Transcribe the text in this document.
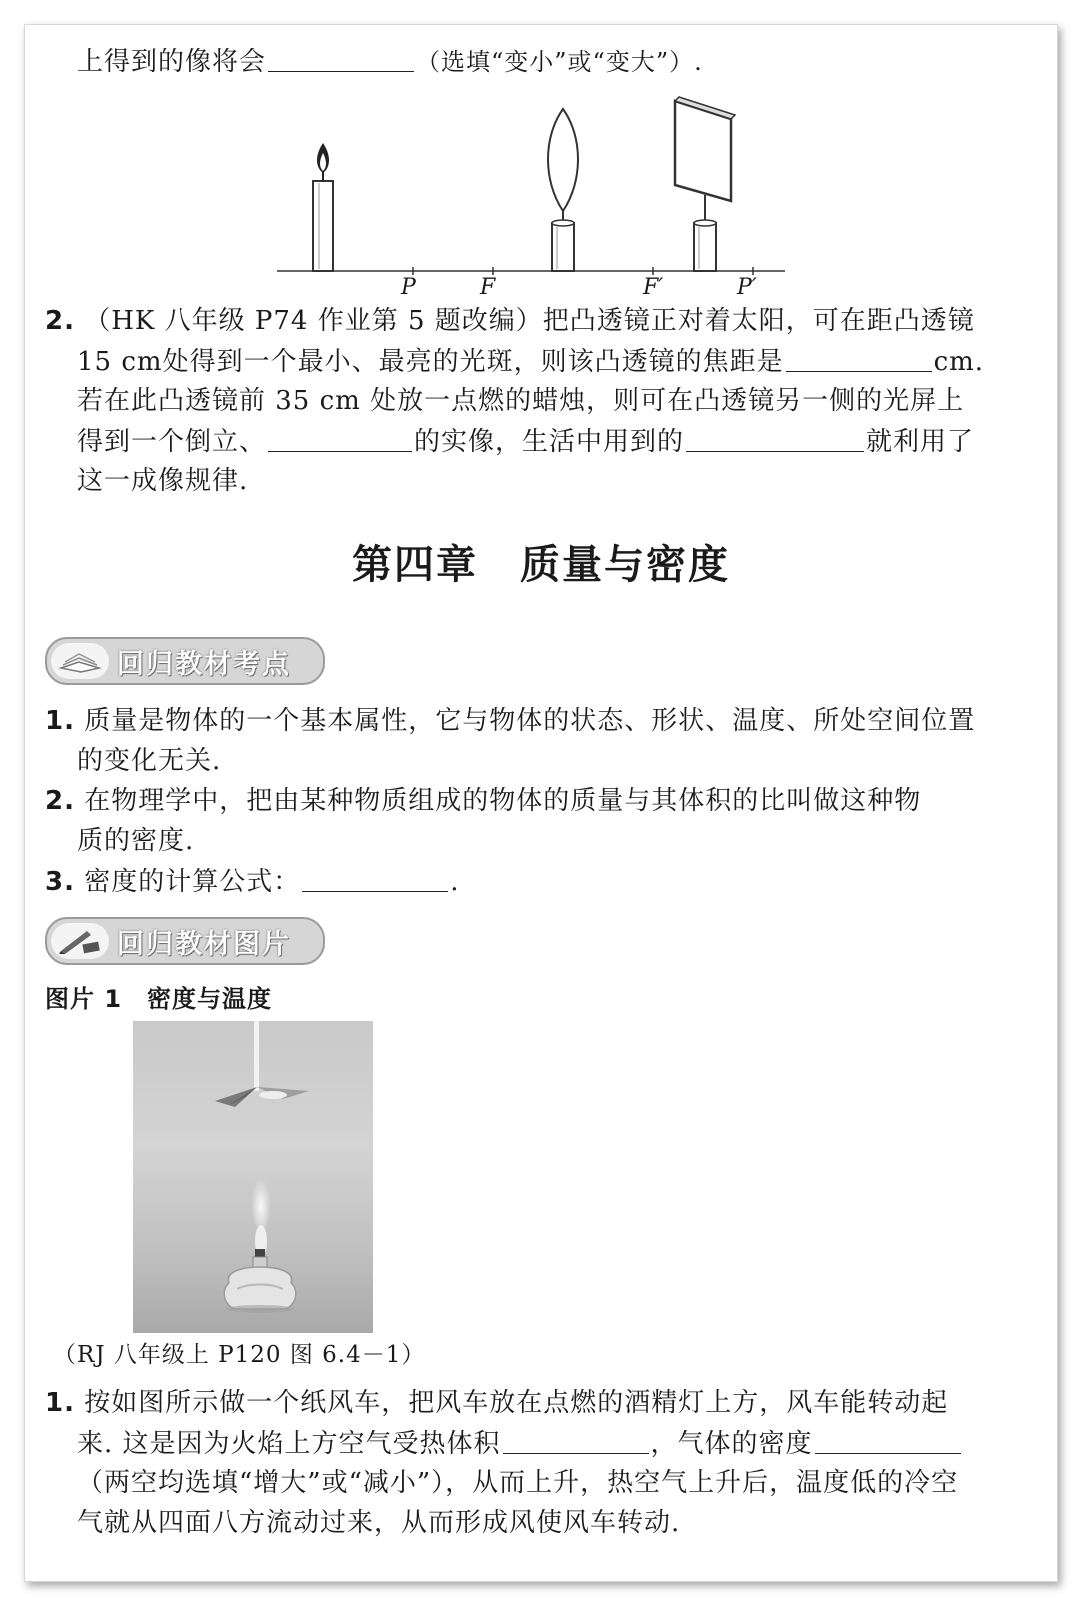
上得到的像将会	（选填“变小”或“变大”）.
P	F	F′	P′
2. （HK 八年级 P74 作业第 5 题改编）把凸透镜正对着太阳，可在距凸透镜
15 cm处得到一个最小、最亮的光斑，则该凸透镜的焦距是	cm.
若在此凸透镜前 35 cm 处放一点燃的蜡烛，则可在凸透镜另一侧的光屏上
得到一个倒立、	的实像，生活中用到的	就利用了
这一成像规律.
第四章　质量与密度
回归教材考点
1. 质量是物体的一个基本属性，它与物体的状态、形状、温度、所处空间位置
的变化无关.
2. 在物理学中，把由某种物质组成的物体的质量与其体积的比叫做这种物
质的密度.
3. 密度的计算公式：	.
回归教材图片
图片 1　密度与温度
（RJ 八年级上 P120 图 6.4－1）
1. 按如图所示做一个纸风车，把风车放在点燃的酒精灯上方，风车能转动起
来. 这是因为火焰上方空气受热体积	，气体的密度
（两空均选填“增大”或“减小”），从而上升，热空气上升后，温度低的冷空
气就从四面八方流动过来，从而形成风使风车转动.
